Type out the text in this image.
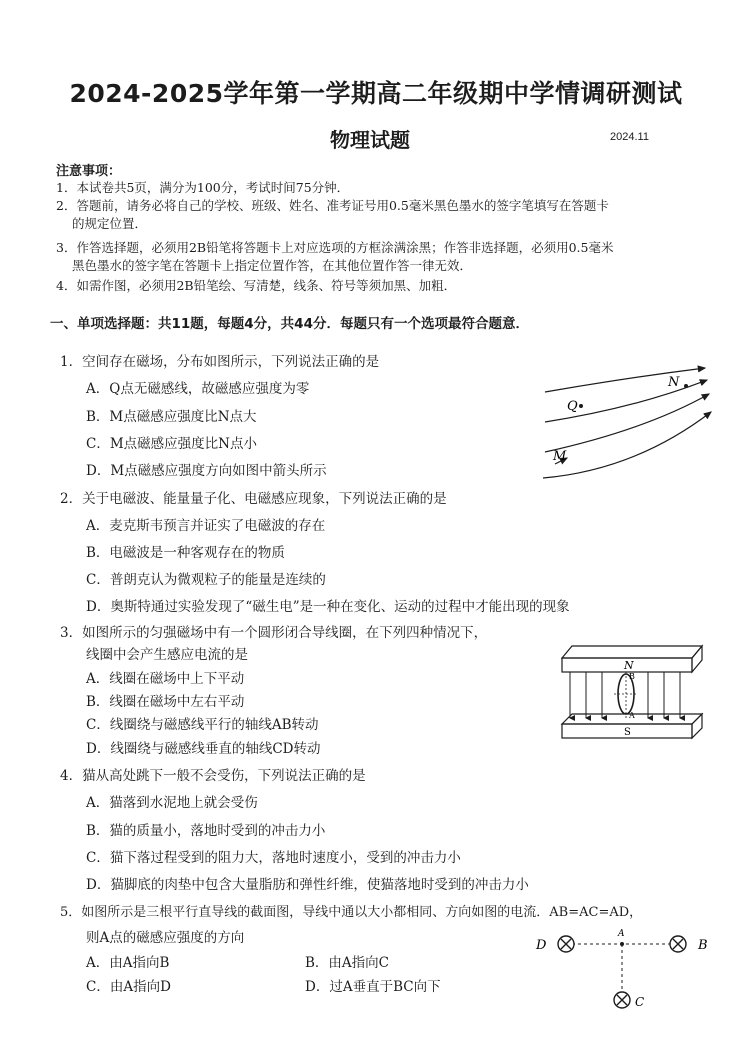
2024-2025学年第一学期高二年级期中学情调研测试
物理试题	2024.11
注意事项：
1．本试卷共5页，满分为100分，考试时间75分钟．
2．答题前，请务必将自己的学校、班级、姓名、准考证号用0.5毫米黑色墨水的签字笔填写在答题卡
的规定位置．
3．作答选择题，必须用2B铅笔将答题卡上对应选项的方框涂满涂黑；作答非选择题，必须用0.5毫米
黑色墨水的签字笔在答题卡上指定位置作答，在其他位置作答一律无效．
4．如需作图，必须用2B铅笔绘、写清楚，线条、符号等须加黑、加粗．
一、单项选择题：共11题，每题4分，共44分．每题只有一个选项最符合题意．
1．空间存在磁场，分布如图所示，下列说法正确的是
A．Q点无磁感线，故磁感应强度为零
B．M点磁感应强度比N点大
C．M点磁感应强度比N点小
D．M点磁感应强度方向如图中箭头所示
N
Q
M
2．关于电磁波、能量量子化、电磁感应现象，下列说法正确的是
A．麦克斯韦预言并证实了电磁波的存在
B．电磁波是一种客观存在的物质
C．普朗克认为微观粒子的能量是连续的
D．奥斯特通过实验发现了“磁生电”是一种在变化、运动的过程中才能出现的现象
3．如图所示的匀强磁场中有一个圆形闭合导线圈，在下列四种情况下，
线圈中会产生感应电流的是
A．线圈在磁场中上下平动
B．线圈在磁场中左右平动
C．线圈绕与磁感线平行的轴线AB转动
D．线圈绕与磁感线垂直的轴线CD转动
N
S
B
A
4．猫从高处跳下一般不会受伤，下列说法正确的是
A．猫落到水泥地上就会受伤
B．猫的质量小，落地时受到的冲击力小
C．猫下落过程受到的阻力大，落地时速度小，受到的冲击力小
D．猫脚底的肉垫中包含大量脂肪和弹性纤维，使猫落地时受到的冲击力小
5．如图所示是三根平行直导线的截面图，导线中通以大小都相同、方向如图的电流．AB=AC=AD，
则A点的磁感应强度的方向
A．由A指向B	B．由A指向C
C．由A指向D	D．过A垂直于BC向下
D
A
B
C
